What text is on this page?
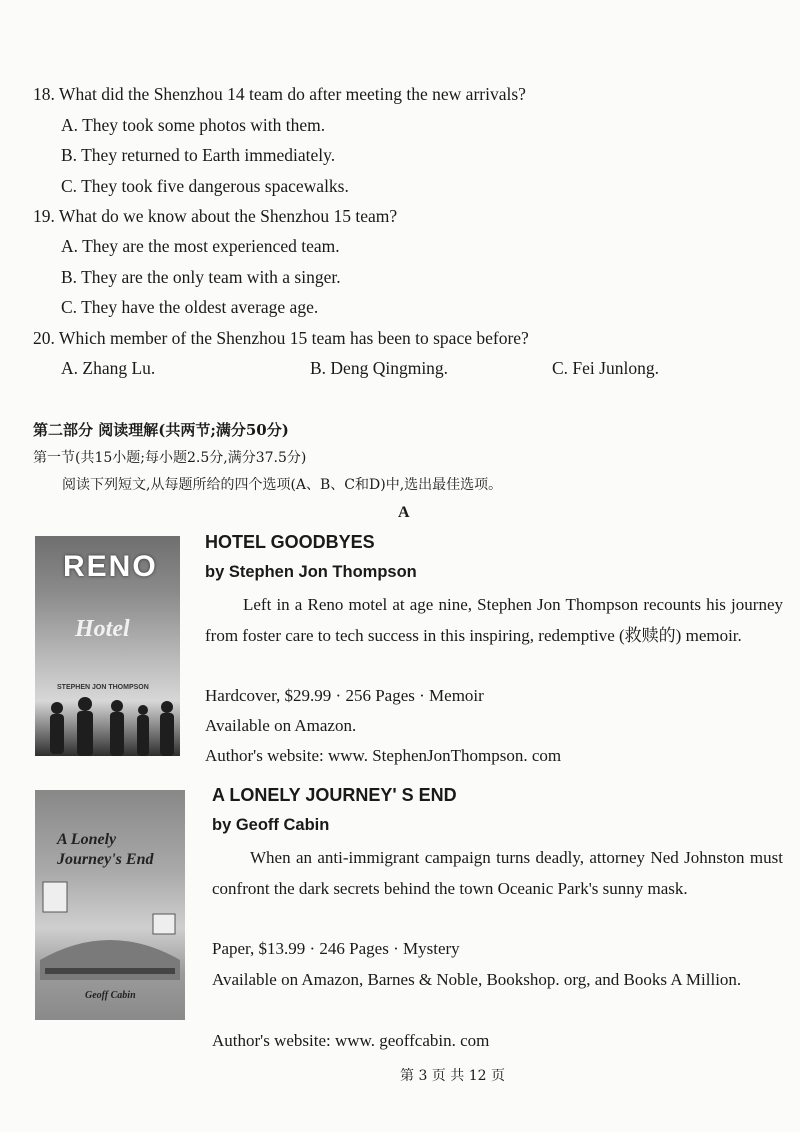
18. What did the Shenzhou 14 team do after meeting the new arrivals?
A. They took some photos with them.
B. They returned to Earth immediately.
C. They took five dangerous spacewalks.
19. What do we know about the Shenzhou 15 team?
A. They are the most experienced team.
B. They are the only team with a singer.
C. They have the oldest average age.
20. Which member of the Shenzhou 15 team has been to space before?
A. Zhang Lu.	B. Deng Qingming.	C. Fei Junlong.
第二部分 阅读理解(共两节;满分50分)
第一节(共15小题;每小题2.5分,满分37.5分)
阅读下列短文,从每题所给的四个选项(A、B、C和D)中,选出最佳选项。
A
RENO
Hotel
STEPHEN JON THOMPSON
HOTEL GOODBYES
by Stephen Jon Thompson
Left in a Reno motel at age nine, Stephen Jon Thompson recounts his journey from foster care to tech success in this inspiring, redemptive (救赎的) memoir.
Hardcover, $29.99 · 256 Pages · Memoir
Available on Amazon.
Author's website: www. StephenJonThompson. com
A Lonely Journey's End
Geoff Cabin
A LONELY JOURNEY' S END
by Geoff Cabin
When an anti-immigrant campaign turns deadly, attorney Ned Johnston must confront the dark secrets behind the town Oceanic Park's sunny mask.
Paper, $13.99 · 246 Pages · Mystery
Available on Amazon, Barnes & Noble, Bookshop. org, and Books A Million.
Author's website: www. geoffcabin. com
第 3 页 共 12 页
